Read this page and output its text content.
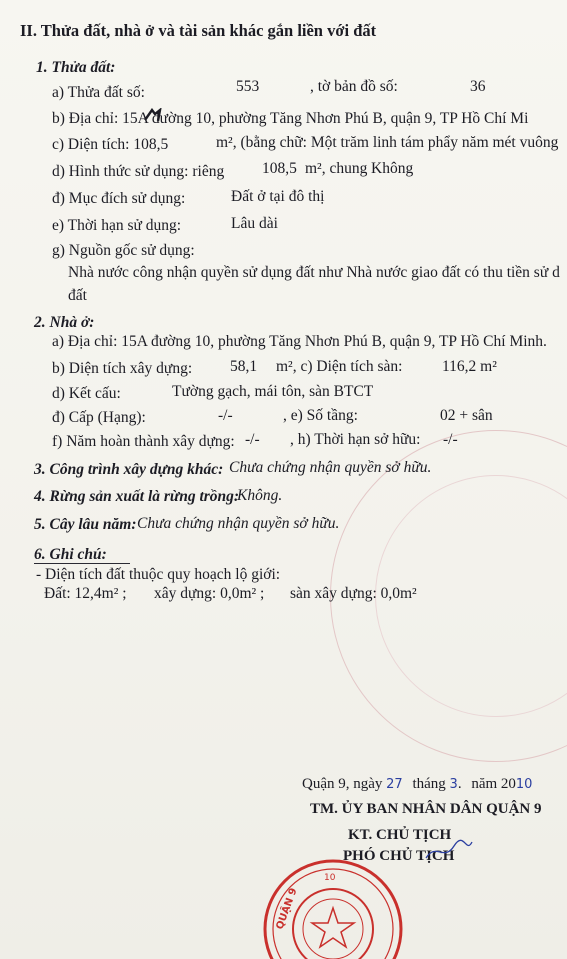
II. Thửa đất, nhà ở và tài sản khác gắn liền với đất
1. Thửa đất:
a) Thửa đất số:	553	, tờ bản đồ số:	36
b) Địa chỉ: 15A đường 10, phường Tăng Nhơn Phú B, quận 9, TP Hồ Chí Mi
c) Diện tích: 108,5	m², (bằng chữ: Một trăm linh tám phẩy năm mét vuông
d) Hình thức sử dụng: riêng 108,5 m², chung Không
đ) Mục đích sử dụng:	Đất ở tại đô thị
e) Thời hạn sử dụng:	Lâu dài
g) Nguồn gốc sử dụng:
Nhà nước công nhận quyền sử dụng đất như Nhà nước giao đất có thu tiền sử d
đất
2. Nhà ở:
a) Địa chỉ: 15A đường 10, phường Tăng Nhơn Phú B, quận 9, TP Hồ Chí Minh.
b) Diện tích xây dựng: 58,1 m², c) Diện tích sàn:	116,2 m²
d) Kết cấu:	Tường gạch, mái tôn, sàn BTCT
đ) Cấp (Hạng):	-/-	, e) Số tầng:	02 + sân
f) Năm hoàn thành xây dựng: -/- , h) Thời hạn sở hữu: -/-
3. Công trình xây dựng khác: Chưa chứng nhận quyền sở hữu.
4. Rừng sản xuất là rừng trồng:
Không.
5. Cây lâu năm: Chưa chứng nhận quyền sở hữu.
6. Ghi chú:
- Diện tích đất thuộc quy hoạch lộ giới:
Đất: 12,4m² ; xây dựng: 0,0m² ; sàn xây dựng: 0,0m²
Quận 9, ngày 27 tháng 3. năm 2010
TM. ỦY BAN NHÂN DÂN QUẬN 9
KT. CHỦ TỊCH
PHÓ CHỦ TỊCH
QUẬN 9
10
